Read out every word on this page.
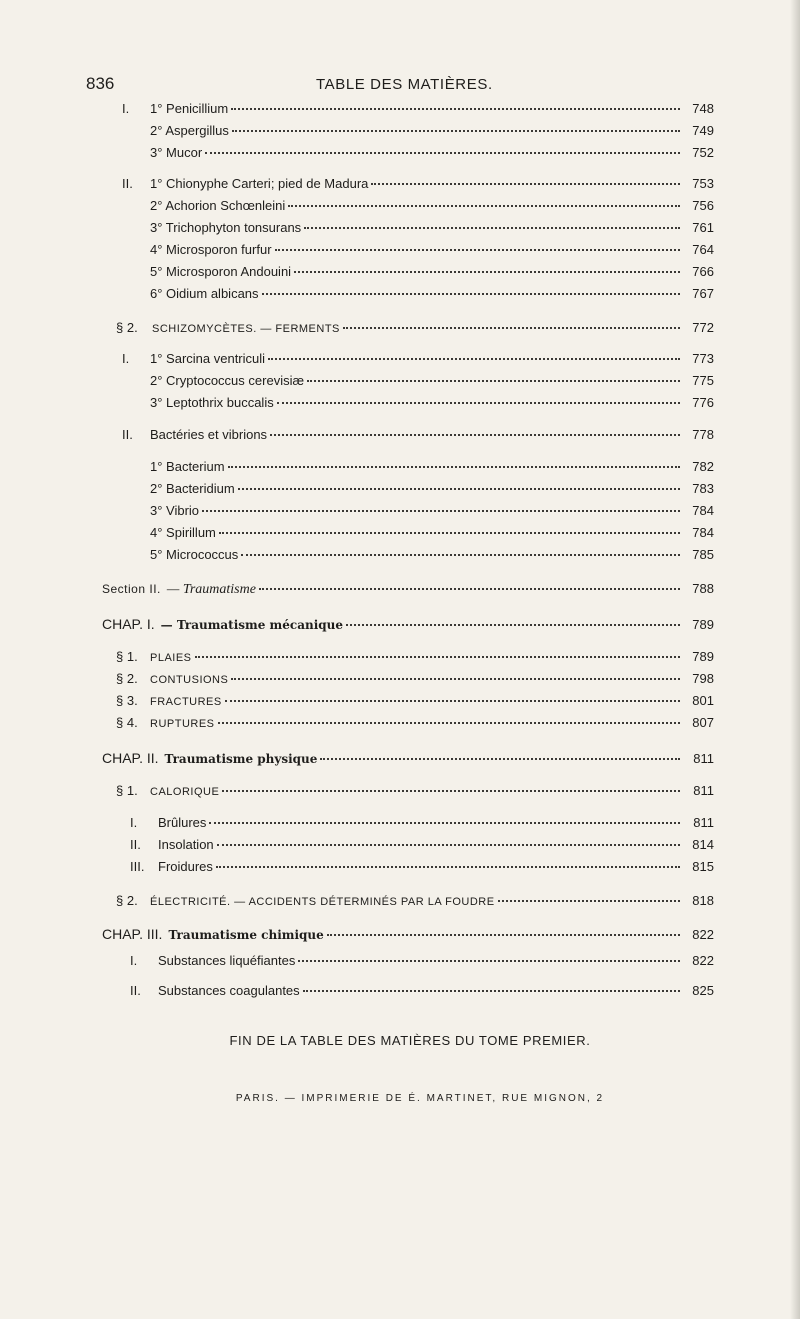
836	TABLE DES MATIÈRES.
I.	1° Penicillium	748
2° Aspergillus	749
3° Mucor	752
II.	1° Chionyphe Carteri; pied de Madura	753
2° Achorion Schœnleini	756
3° Trichophyton tonsurans	761
4° Microsporon furfur	764
5° Microsporon Andouini	766
6° Oidium albicans	767
§ 2.	SCHIZOMYCÈTES. — FERMENTS	772
I.	1° Sarcina ventriculi	773
2° Cryptococcus cerevisiæ	775
3° Leptothrix buccalis	776
II.	Bactéries et vibrions	778
1° Bacterium	782
2° Bacteridium	783
3° Vibrio	784
4° Spirillum	784
5° Micrococcus	785
Section II. — Traumatisme	788
CHAP. I. — Traumatisme mécanique	789
§ 1.	PLAIES	789
§ 2.	CONTUSIONS	798
§ 3.	FRACTURES	801
§ 4.	RUPTURES	807
CHAP. II. Traumatisme physique	811
§ 1.	CALORIQUE	811
I.	Brûlures	811
II.	Insolation	814
III.	Froidures	815
§ 2.	ÉLECTRICITÉ. — ACCIDENTS DÉTERMINÉS PAR LA FOUDRE	818
CHAP. III. Traumatisme chimique	822
I.	Substances liquéfiantes	822
II.	Substances coagulantes	825
FIN DE LA TABLE DES MATIÈRES DU TOME PREMIER.
PARIS. — IMPRIMERIE DE É. MARTINET, RUE MIGNON, 2
